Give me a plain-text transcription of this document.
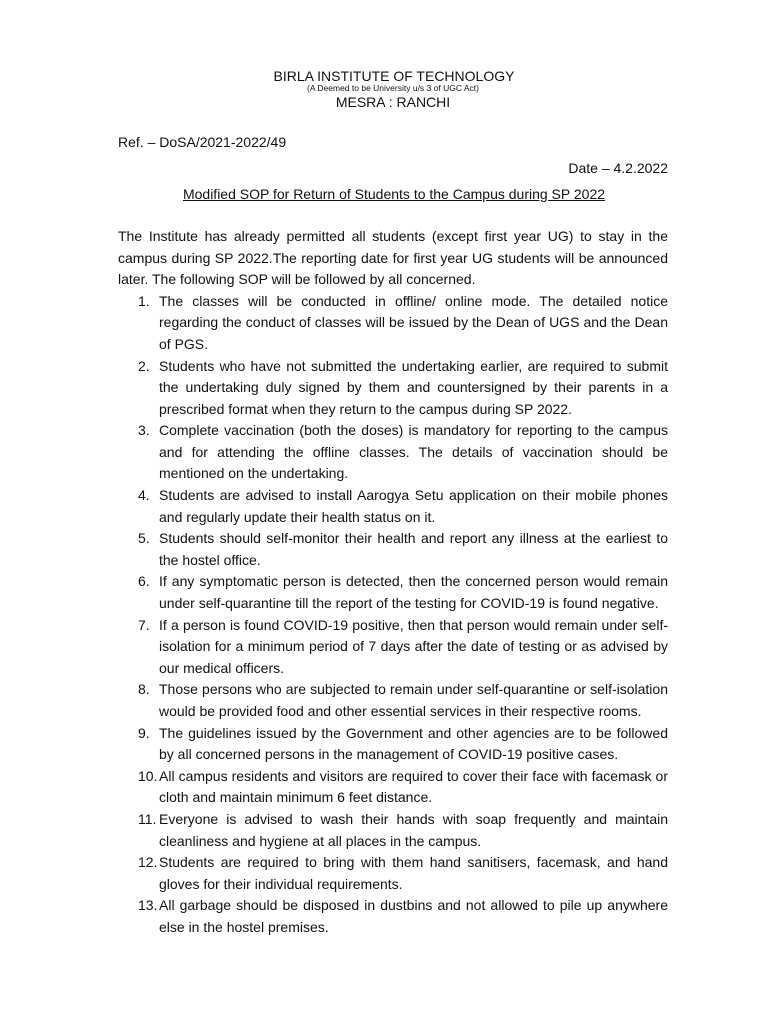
BIRLA INSTITUTE OF TECHNOLOGY

(A Deemed to be University u/s 3 of UGC Act)

MESRA : RANCHI

Ref. – DoSA/2021-2022/49
Date – 4.2.2022
Modified SOP for Return of Students to the Campus during SP 2022
The Institute has already permitted all students (except first year UG) to stay in the campus during SP 2022.The reporting date for first year UG students will be announced later. The following SOP will be followed by all concerned.
1. The classes will be conducted in offline/ online mode. The detailed notice regarding the conduct of classes will be issued by the Dean of UGS and the Dean of PGS.
2. Students who have not submitted the undertaking earlier, are required to submit the undertaking duly signed by them and countersigned by their parents in a prescribed format when they return to the campus during SP 2022.
3. Complete vaccination (both the doses) is mandatory for reporting to the campus and for attending the offline classes. The details of vaccination should be mentioned on the undertaking.
4. Students are advised to install Aarogya Setu application on their mobile phones and regularly update their health status on it.
5. Students should self-monitor their health and report any illness at the earliest to the hostel office.
6. If any symptomatic person is detected, then the concerned person would remain under self-quarantine till the report of the testing for COVID-19 is found negative.
7. If a person is found COVID-19 positive, then that person would remain under self-isolation for a minimum period of 7 days after the date of testing or as advised by our medical officers.
8. Those persons who are subjected to remain under self-quarantine or self-isolation would be provided food and other essential services in their respective rooms.
9. The guidelines issued by the Government and other agencies are to be followed by all concerned persons in the management of COVID-19 positive cases.
10. All campus residents and visitors are required to cover their face with facemask or cloth and maintain minimum 6 feet distance.
11. Everyone is advised to wash their hands with soap frequently and maintain cleanliness and hygiene at all places in the campus.
12. Students are required to bring with them hand sanitisers, facemask, and hand gloves for their individual requirements.
13. All garbage should be disposed in dustbins and not allowed to pile up anywhere else in the hostel premises.
